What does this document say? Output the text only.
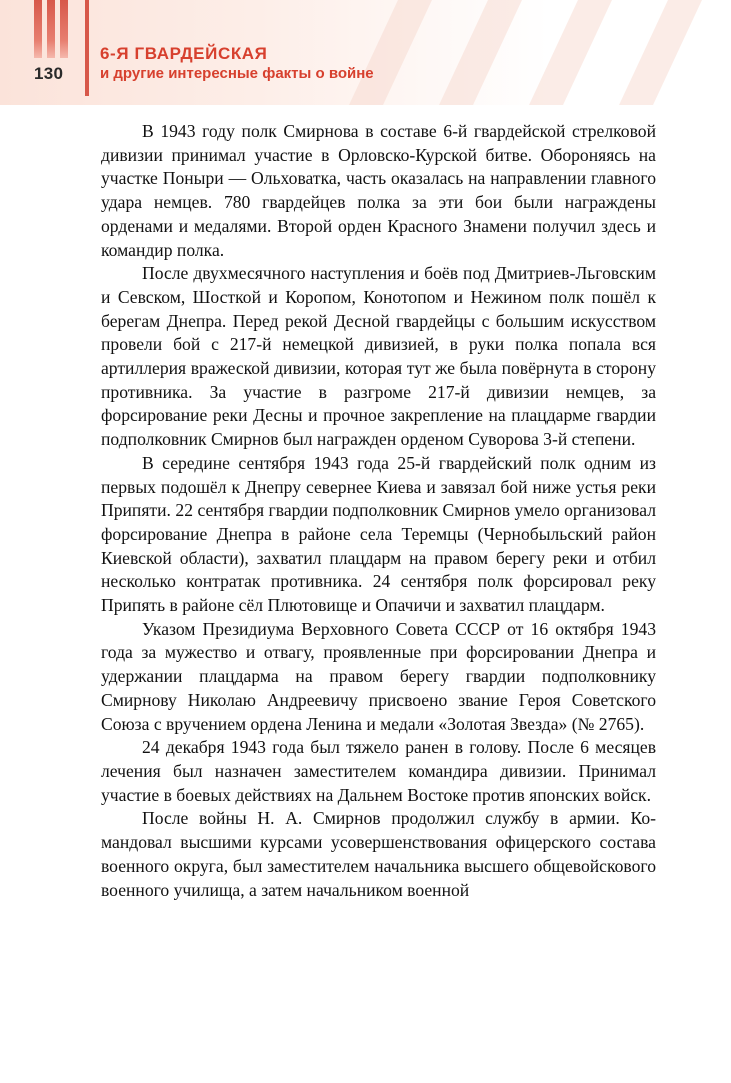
130
6-Я ГВАРДЕЙСКАЯ
и другие интересные факты о войне

В 1943 году полк Смирнова в составе 6-й гвардейской стрелковой дивизии принимал участие в Орловско-Курской битве. Обороняясь на участке Поныри — Ольховатка, часть оказалась на направлении главного удара немцев. 780 гвардейцев полка за эти бои были награждены орденами и медалями. Второй орден Красного Знамени получил здесь и командир полка.

После двухмесячного наступления и боёв под Дмитриев-Льговским и Севском, Шосткой и Коропом, Конотопом и Нежином полк пошёл к берегам Днепра. Перед рекой Десной гвардейцы с большим искусством провели бой с 217-й немецкой дивизией, в руки полка попала вся артиллерия вражеской дивизии, которая тут же была повёрнута в сторону противника. За участие в разгроме 217-й дивизии немцев, за форсирование реки Десны и прочное закрепление на плацдарме гвардии подполковник Смирнов был награжден орденом Суворова 3-й степени.

В середине сентября 1943 года 25-й гвардейский полк одним из первых подошёл к Днепру севернее Киева и завязал бой ниже устья реки Припяти. 22 сентября гвардии подполковник Смирнов умело организовал форсирование Днепра в районе села Теремцы (Чернобыльский район Киевской области), захватил плацдарм на правом берегу реки и отбил несколько контратак противника. 24 сентября полк форсировал реку Припять в районе сёл Плютовище и Опачичи и захватил плацдарм.

Указом Президиума Верховного Совета СССР от 16 октября 1943 года за мужество и отвагу, проявленные при форсировании Днепра и удержании плацдарма на правом берегу гвардии подполковнику Смирнову Николаю Андреевичу присвоено звание Героя Советского Союза с вручением ордена Ленина и медали «Золотая Звезда» (№ 2765).

24 декабря 1943 года был тяжело ранен в голову. После 6 месяцев лечения был назначен заместителем командира дивизии. Принимал участие в боевых действиях на Дальнем Востоке против японских войск.

После войны Н. А. Смирнов продолжил службу в армии. Командовал высшими курсами усовершенствования офицерского состава военного округа, был заместителем начальника высшего общевойскового военного училища, а затем начальником военной
